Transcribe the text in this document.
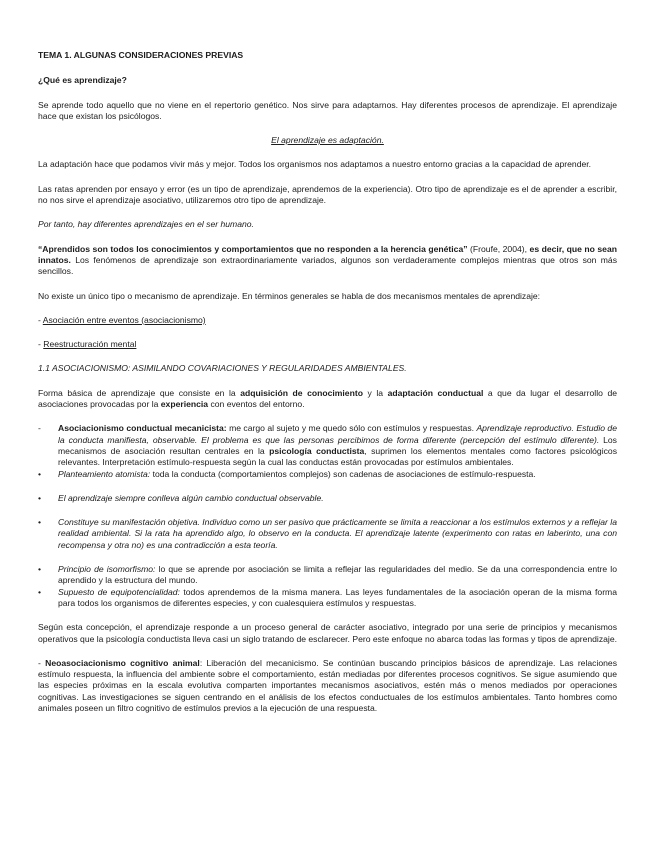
TEMA 1. ALGUNAS CONSIDERACIONES PREVIAS

¿Qué es aprendizaje?

Se aprende todo aquello que no viene en el repertorio genético. Nos sirve para adaptarnos. Hay diferentes procesos de aprendizaje. El aprendizaje hace que existan los psicólogos.

El aprendizaje es adaptación.

La adaptación hace que podamos vivir más y mejor. Todos los organismos nos adaptamos a nuestro entorno gracias a la capacidad de aprender.

Las ratas aprenden por ensayo y error (es un tipo de aprendizaje, aprendemos de la experiencia). Otro tipo de aprendizaje es el de aprender a escribir, no nos sirve el aprendizaje asociativo, utilizaremos otro tipo de aprendizaje.

Por tanto, hay diferentes aprendizajes en el ser humano.

“Aprendidos son todos los conocimientos y comportamientos que no responden a la herencia genética” (Froufe, 2004), es decir, que no sean innatos. Los fenómenos de aprendizaje son extraordinariamente variados, algunos son verdaderamente complejos mientras que otros son más sencillos.

No existe un único tipo o mecanismo de aprendizaje. En términos generales se habla de dos mecanismos mentales de aprendizaje:

- Asociación entre eventos (asociacionismo)

- Reestructuración mental

1.1 ASOCIACIONISMO: ASIMILANDO COVARIACIONES Y REGULARIDADES AMBIENTALES.

Forma básica de aprendizaje que consiste en la adquisición de conocimiento y la adaptación conductual a que da lugar el desarrollo de asociaciones provocadas por la experiencia con eventos del entorno.

- Asociacionismo conductual mecanicista: me cargo al sujeto y me quedo sólo con estímulos y respuestas. Aprendizaje reproductivo. Estudio de la conducta manifiesta, observable. El problema es que las personas percibimos de forma diferente (percepción del estímulo diferente). Los mecanismos de asociación resultan centrales en la psicología conductista, suprimen los elementos mentales como factores psicológicos relevantes. Interpretación estímulo-respuesta según la cual las conductas están provocadas por estímulos ambientales.
• Planteamiento atomista: toda la conducta (comportamientos complejos) son cadenas de asociaciones de estímulo-respuesta.
• El aprendizaje siempre conlleva algún cambio conductual observable.
• Constituye su manifestación objetiva. Individuo como un ser pasivo que prácticamente se limita a reaccionar a los estímulos externos y a reflejar la realidad ambiental. Si la rata ha aprendido algo, lo observo en la conducta. El aprendizaje latente (experimento con ratas en laberinto, una con recompensa y otra no) es una contradicción a esta teoría.
• Principio de isomorfismo: lo que se aprende por asociación se limita a reflejar las regularidades del medio. Se da una correspondencia entre lo aprendido y la estructura del mundo.
• Supuesto de equipotencialidad: todos aprendemos de la misma manera. Las leyes fundamentales de la asociación operan de la misma forma para todos los organismos de diferentes especies, y con cualesquiera estímulos y respuestas.

Según esta concepción, el aprendizaje responde a un proceso general de carácter asociativo, integrado por una serie de principios y mecanismos operativos que la psicología conductista lleva casi un siglo tratando de esclarecer. Pero este enfoque no abarca todas las formas y tipos de aprendizaje.

- Neoasociacionismo cognitivo animal: Liberación del mecanicismo. Se continúan buscando principios básicos de aprendizaje. Las relaciones estímulo respuesta, la influencia del ambiente sobre el comportamiento, están mediadas por diferentes procesos cognitivos. Se sigue asumiendo que las especies próximas en la escala evolutiva comparten importantes mecanismos asociativos, estén más o menos mediados por operaciones cognitivas. Las investigaciones se siguen centrando en el análisis de los efectos conductuales de los estímulos ambientales. Tanto hombres como animales poseen un filtro cognitivo de estímulos previos a la ejecución de una respuesta.
